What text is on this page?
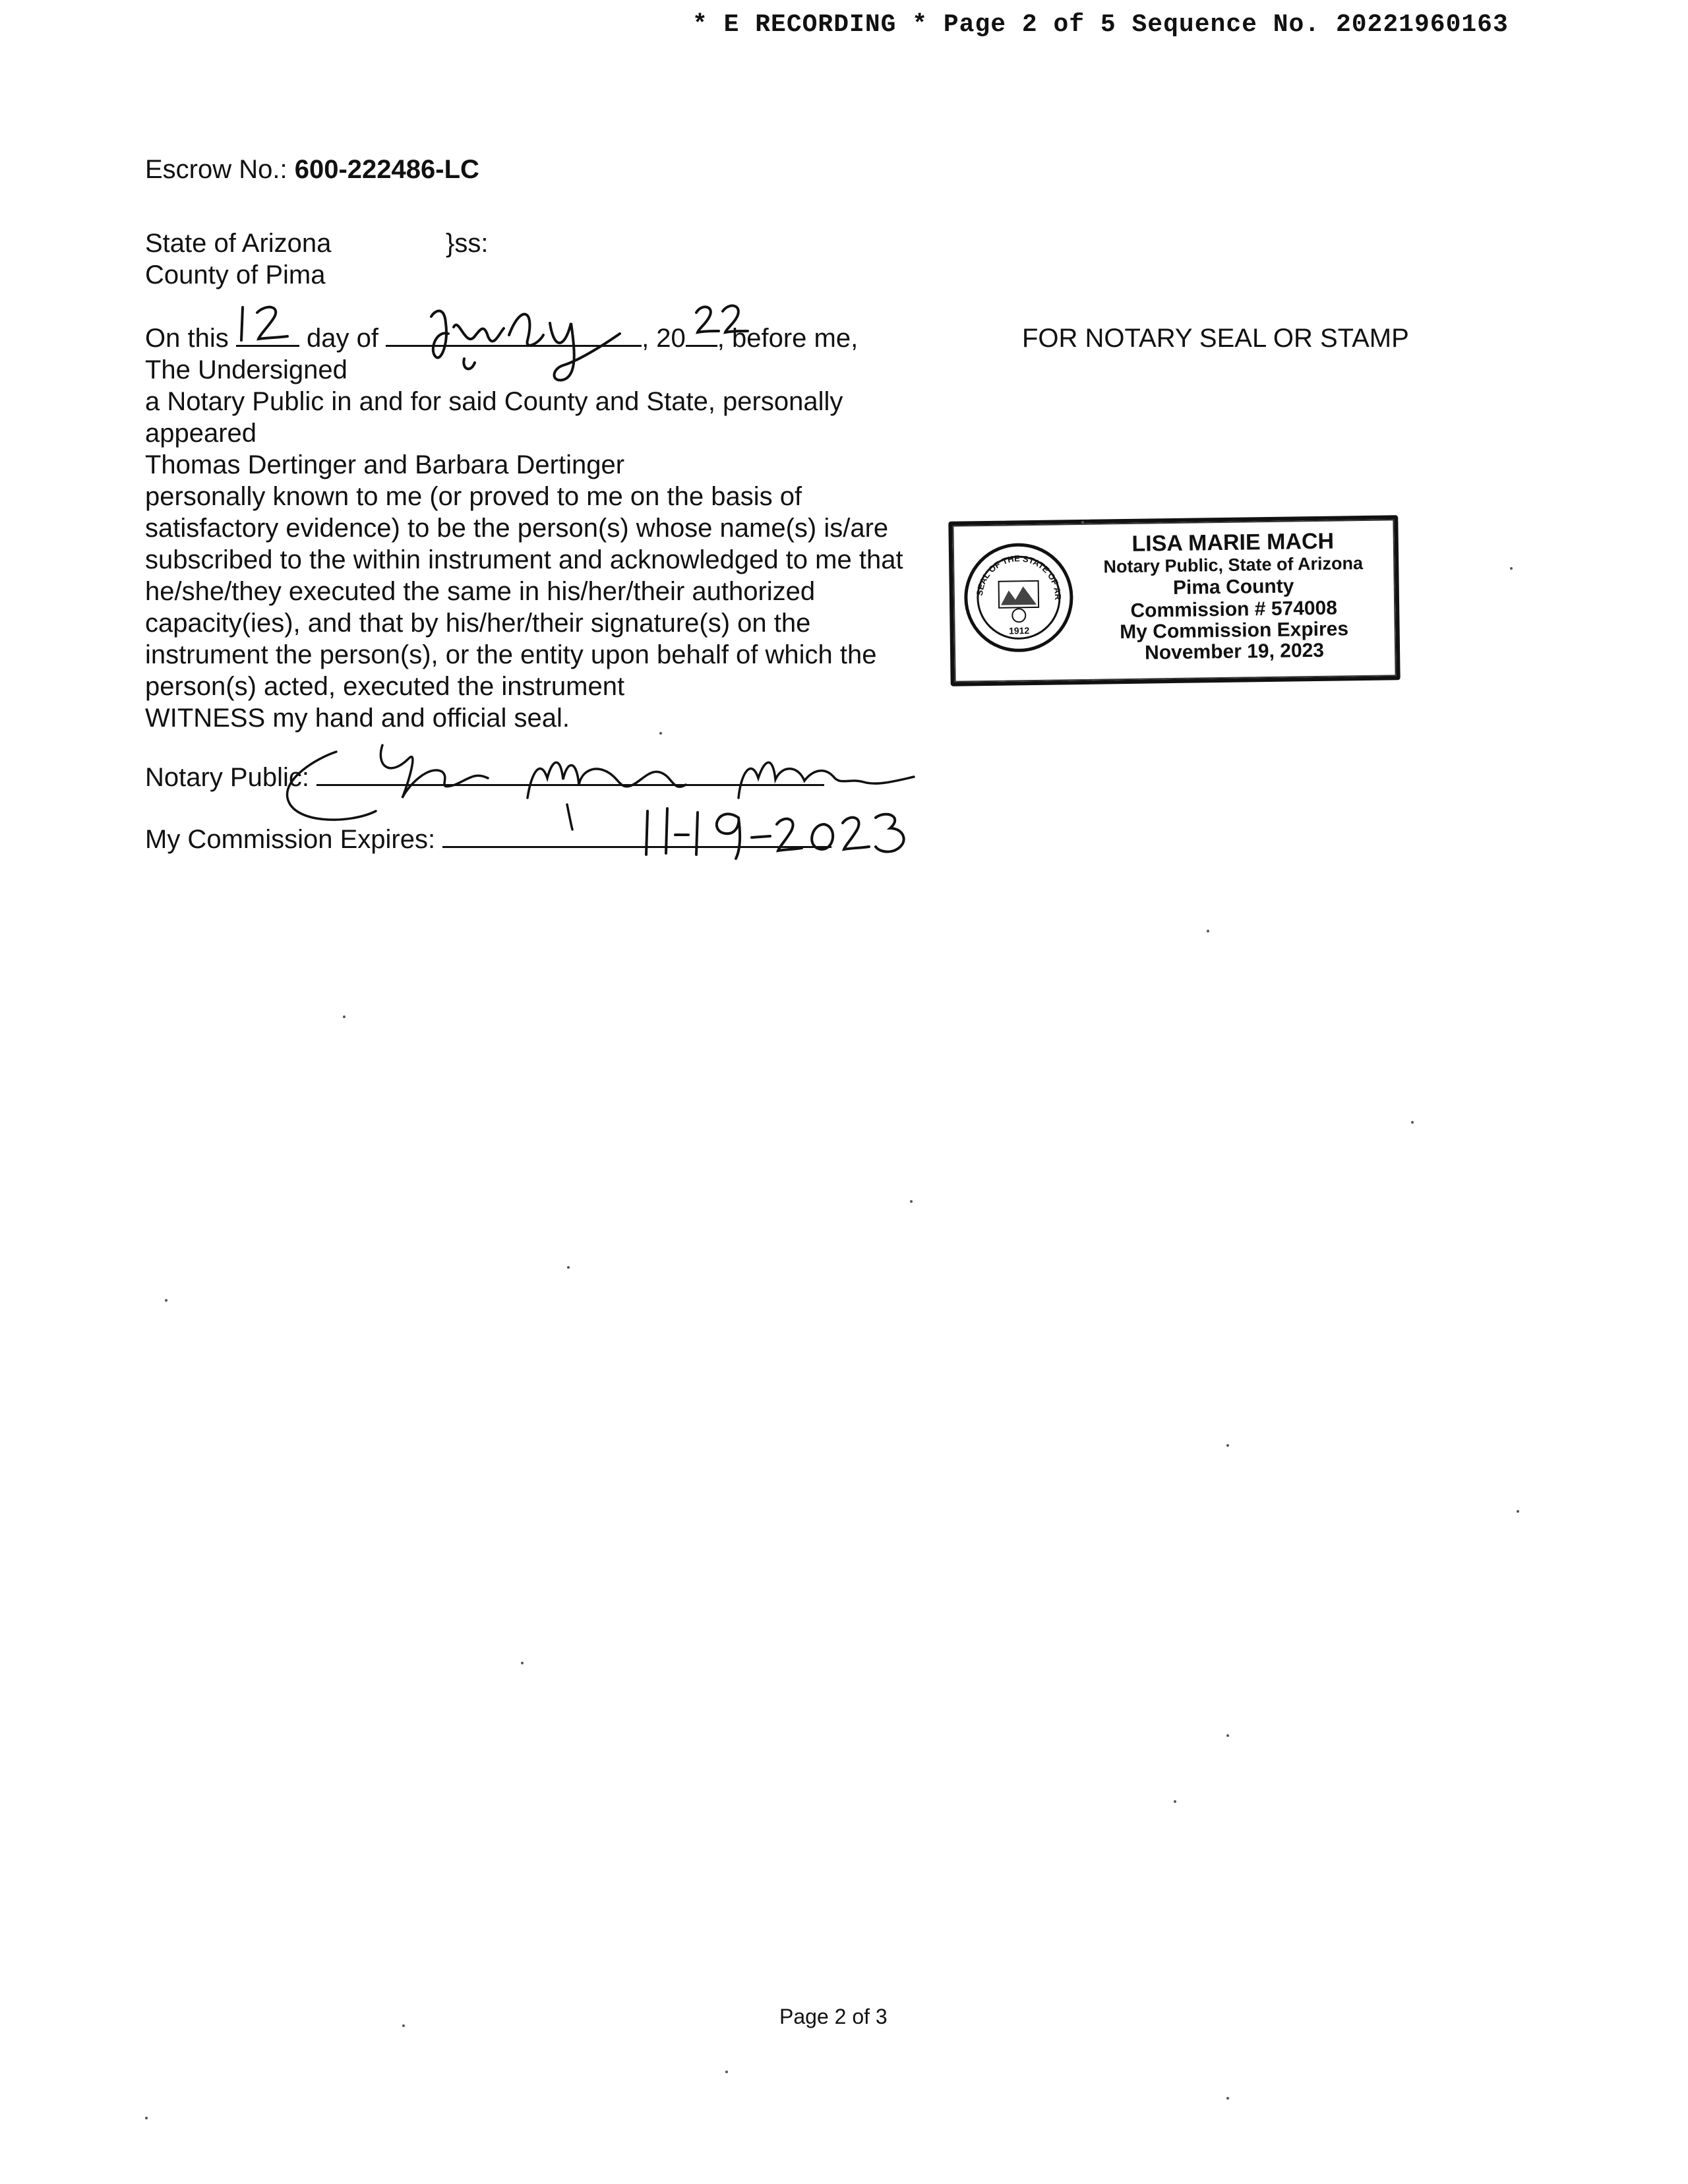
* E RECORDING * Page 2 of 5 Sequence No. 20221960163
Escrow No.: 600-222486-LC
State of Arizona	}ss:
County of Pima
On this	day of	, 20 , before me,
The Undersigned
a Notary Public in and for said County and State, personally
appeared
Thomas Dertinger and Barbara Dertinger
personally known to me (or proved to me on the basis of
satisfactory evidence) to be the person(s) whose name(s) is/are
subscribed to the within instrument and acknowledged to me that
he/she/they executed the same in his/her/their authorized
capacity(ies), and that by his/her/their signature(s) on the
instrument the person(s), or the entity upon behalf of which the
person(s) acted, executed the instrument
WITNESS my hand and official seal.
Notary Public:
My Commission Expires:
FOR NOTARY SEAL OR STAMP
SEAL OF THE STATE OF ARIZONA
1912
LISA MARIE MACH
Notary Public, State of Arizona
Pima County
Commission # 574008
My Commission Expires
November 19, 2023
Page 2 of 3
